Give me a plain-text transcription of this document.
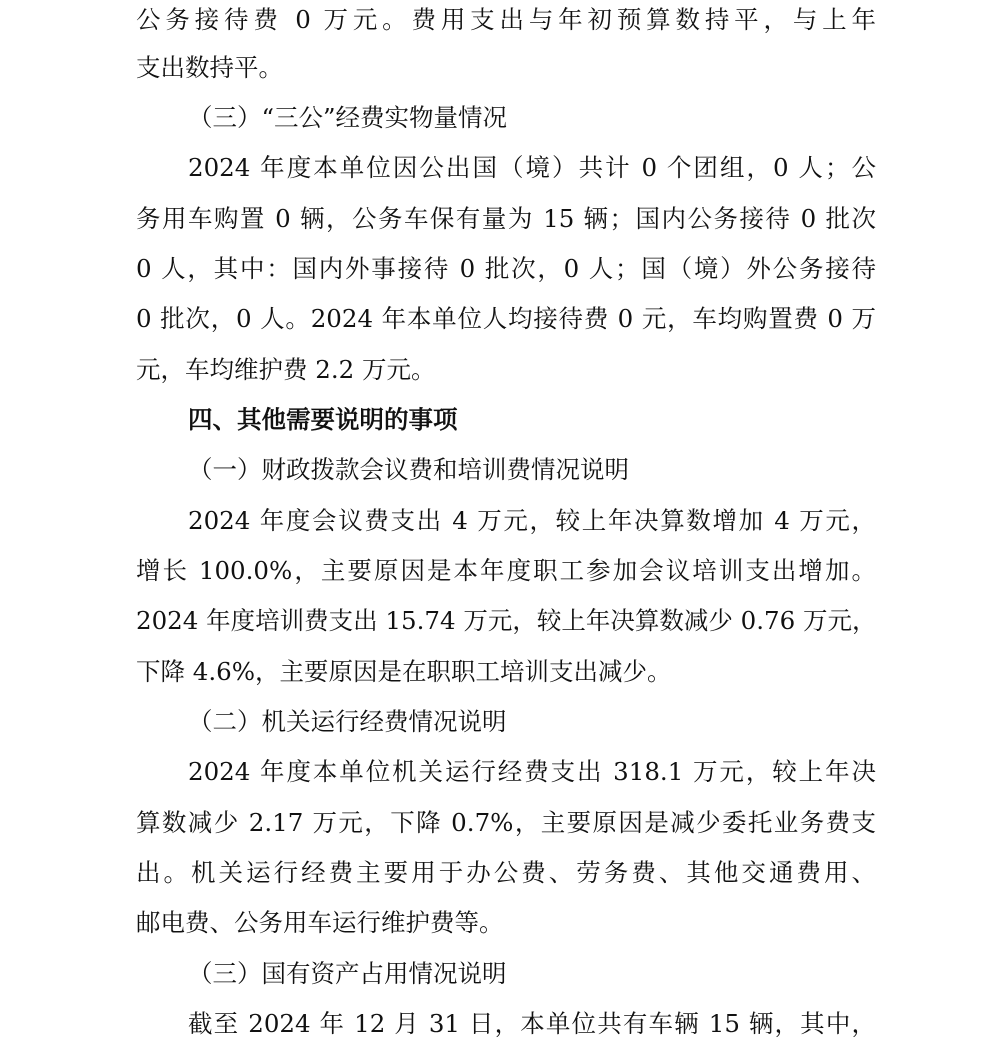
公务接待费 0 万元。费用支出与年初预算数持平，与上年
支出数持平。
（三）“三公”经费实物量情况
2024 年度本单位因公出国（境）共计 0 个团组，0 人；公
务用车购置 0 辆，公务车保有量为 15 辆；国内公务接待 0 批次
0 人，其中：国内外事接待 0 批次，0 人；国（境）外公务接待
0 批次，0 人。2024 年本单位人均接待费 0 元，车均购置费 0 万
元，车均维护费 2.2 万元。
四、其他需要说明的事项
（一）财政拨款会议费和培训费情况说明
2024 年度会议费支出 4 万元，较上年决算数增加 4 万元，
增长 100.0%，主要原因是本年度职工参加会议培训支出增加。
2024 年度培训费支出 15.74 万元，较上年决算数减少 0.76 万元，
下降 4.6%，主要原因是在职职工培训支出减少。
（二）机关运行经费情况说明
2024 年度本单位机关运行经费支出 318.1 万元，较上年决
算数减少 2.17 万元，下降 0.7%，主要原因是减少委托业务费支
出。机关运行经费主要用于办公费、劳务费、其他交通费用、
邮电费、公务用车运行维护费等。
（三）国有资产占用情况说明
截至 2024 年 12 月 31 日，本单位共有车辆 15 辆，其中，
